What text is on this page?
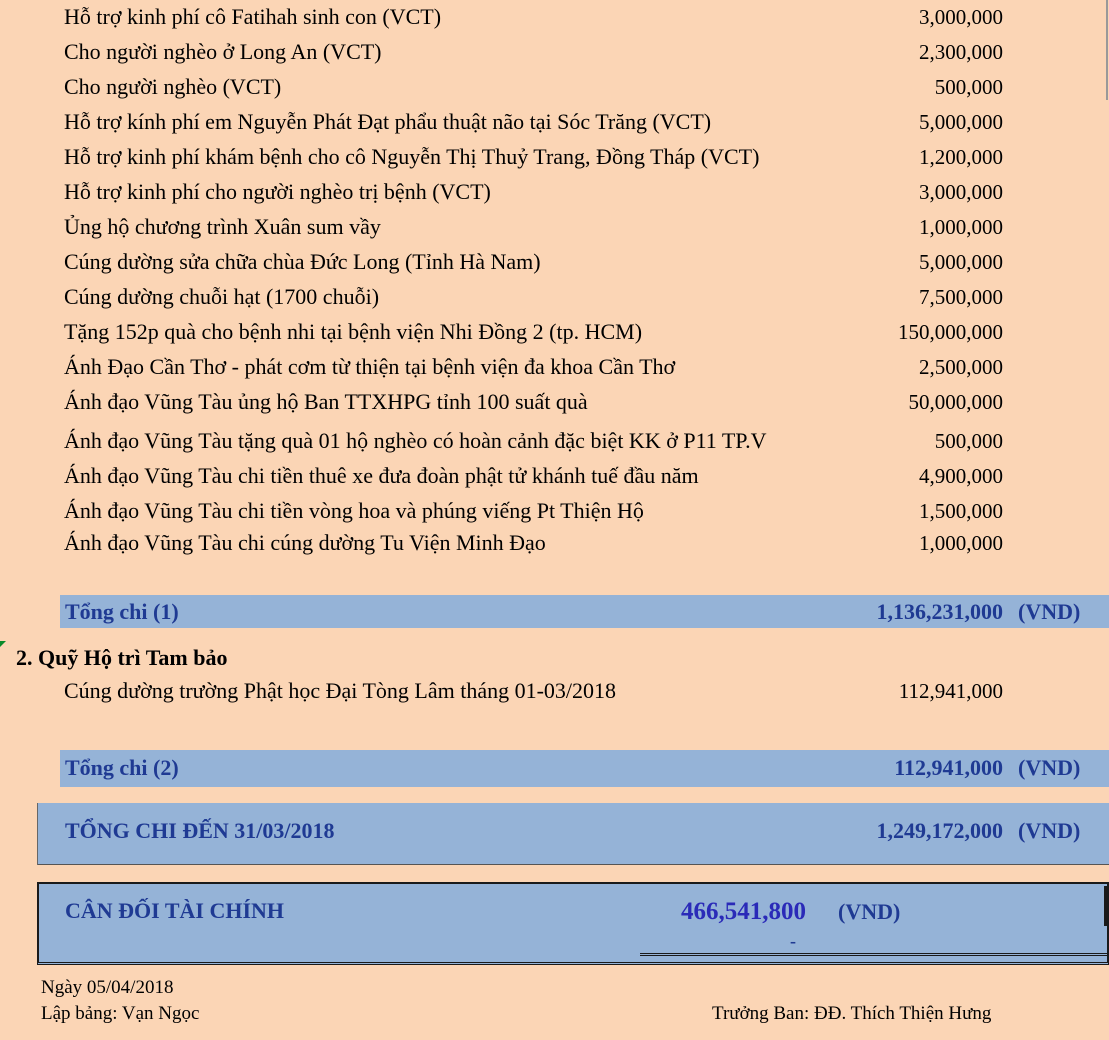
Hỗ trợ kinh phí cô Fatihah sinh con (VCT)	3,000,000
Cho người nghèo ở Long An (VCT)	2,300,000
Cho người nghèo (VCT)	500,000
Hỗ trợ kính phí em Nguyễn Phát Đạt phẩu thuật não tại Sóc Trăng (VCT)	5,000,000
Hỗ trợ kinh phí khám bệnh cho cô Nguyễn Thị Thuỷ Trang, Đồng Tháp (VCT)	1,200,000
Hỗ trợ kinh phí cho người nghèo trị bệnh (VCT)	3,000,000
Ủng hộ chương trình Xuân sum vầy	1,000,000
Cúng dường sửa chữa chùa Đức Long (Tỉnh Hà Nam)	5,000,000
Cúng dường chuỗi hạt (1700 chuỗi)	7,500,000
Tặng 152p quà cho bệnh nhi tại bệnh viện Nhi Đồng 2 (tp. HCM)	150,000,000
Ánh Đạo Cần Thơ - phát cơm từ thiện tại bệnh viện đa khoa Cần Thơ	2,500,000
Ánh đạo Vũng Tàu ủng hộ Ban TTXHPG tỉnh 100 suất quà	50,000,000
Ánh đạo Vũng Tàu tặng quà 01 hộ nghèo có hoàn cảnh đặc biệt KK ở P11 TP.V	500,000
Ánh đạo Vũng Tàu chi tiền thuê xe đưa đoàn phật tử khánh tuế đầu năm	4,900,000
Ánh đạo Vũng Tàu chi tiền vòng hoa và phúng viếng Pt Thiện Hộ	1,500,000
Ánh đạo Vũng Tàu chi cúng dường Tu Viện Minh Đạo	1,000,000
Tổng chi (1)	1,136,231,000 (VND)
2. Quỹ Hộ trì Tam bảo
Cúng dường trường Phật học Đại Tòng Lâm tháng 01-03/2018	112,941,000
Tổng chi (2)	112,941,000 (VND)
TỔNG CHI ĐẾN 31/03/2018	1,249,172,000 (VND)
CÂN ĐỐI TÀI CHÍNH	466,541,800 (VND)
-
Ngày 05/04/2018
Lập bảng: Vạn Ngọc	Trưởng Ban: ĐĐ. Thích Thiện Hưng
